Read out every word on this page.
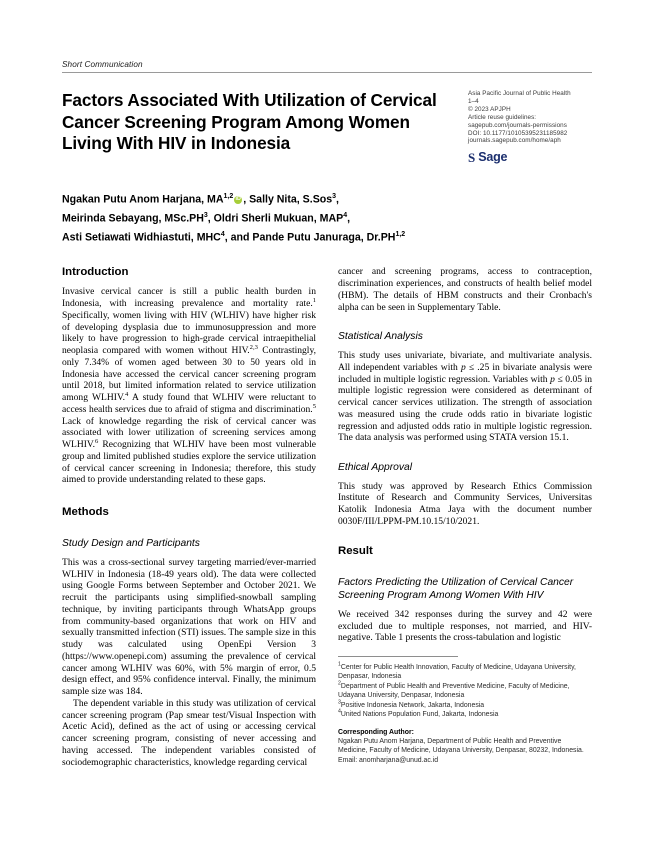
Short Communication
Factors Associated With Utilization of Cervical Cancer Screening Program Among Women Living With HIV in Indonesia
Asia Pacific Journal of Public Health
1–4
© 2023 APJPH
Article reuse guidelines:
sagepub.com/journals-permissions
DOI: 10.1177/10105395231185982
journals.sagepub.com/home/aph
S Sage
Ngakan Putu Anom Harjana, MA$^{1,2}$ iD , Sally Nita, S.Sos$^3$,
Meirinda Sebayang, $MSc.PH^3$, Oldri Sherli Mukuan, MAP$^4$,
Asti Setiawati Widhiastuti, MHC$^4$, and Pande Putu Januraga, Dr.PH$^{1,2}$
Introduction

Invasive cervical cancer is still a public health burden in Indonesia, with increasing prevalence and mortality rate.$^1$ Specifically, women living with HIV (WLHIV) have higher risk of developing dysplasia due to immunosuppression and more likely to have progression to high-grade cervical intraepithelial neoplasia compared with women without HIV.$^{2,3}$ Contrastingly, only 7.34% of women aged between 30 to 50 years old in Indonesia have accessed the cervical cancer screening program until 2018, but limited information related to service utilization among WLHIV.$^4$ A study found that WLHIV were reluctant to access health services due to afraid of stigma and discrimination.$^5$ Lack of knowledge regarding the risk of cervical cancer was associated with lower utilization of screening services among WLHIV.$^6$ Recognizing that WLHIV have been most vulnerable group and limited published studies explore the service utilization of cervical cancer screening in Indonesia; therefore, this study aimed to provide understanding related to these gaps.

Methods
Study Design and Participants

This was a cross-sectional survey targeting married/ever-married WLHIV in Indonesia (18-49 years old). The data were collected using Google Forms between September and October 2021. We recruit the participants using simplified-snowball sampling technique, by inviting participants through WhatsApp groups from community-based organizations that work on HIV and sexually transmitted infection (STI) issues. The sample size in this study was calculated using OpenEpi Version 3 (https://www.openepi.com) assuming the prevalence of cervical cancer among WLHIV was 60%, with 5% margin of error, 0.5 design effect, and 95% confidence interval. Finally, the minimum sample size was 184.

The dependent variable in this study was utilization of cervical cancer screening program (Pap smear test/Visual Inspection with Acetic Acid), defined as the act of using or accessing cervical cancer screening program, consisting of never accessing and having accessed. The independent variables consisted of sociodemographic characteristics, knowledge regarding cervical

cancer and screening programs, access to contraception, discrimination experiences, and constructs of health belief model (HBM). The details of HBM constructs and their Cronbach's alpha can be seen in Supplementary Table.

Statistical Analysis

This study uses univariate, bivariate, and multivariate analysis. All independent variables with p ≤ .25 in bivariate analysis were included in multiple logistic regression. Variables with p ≤ 0.05 in multiple logistic regression were considered as determinant of cervical cancer services utilization. The strength of association was measured using the crude odds ratio in bivariate logistic regression and adjusted odds ratio in multiple logistic regression. The data analysis was performed using STATA version 15.1.

Ethical Approval

This study was approved by Research Ethics Commission Institute of Research and Community Services, Universitas Katolik Indonesia Atma Jaya with the document number 0030F/III/LPPM-PM.10.15/10/2021.

Result
Factors Predicting the Utilization of Cervical Cancer Screening Program Among Women With HIV

We received 342 responses during the survey and 42 were excluded due to multiple responses, not married, and HIV-negative. Table 1 presents the cross-tabulation and logistic

$^1$Center for Public Health Innovation, Faculty of Medicine, Udayana University, Denpasar, Indonesia

$^2$Department of Public Health and Preventive Medicine, Faculty of Medicine, Udayana University, Denpasar, Indonesia

$^3$Positive Indonesia Network, Jakarta, Indonesia

$^4$United Nations Population Fund, Jakarta, Indonesia

Corresponding Author:

Ngakan Putu Anom Harjana, Department of Public Health and Preventive Medicine, Faculty of Medicine, Udayana University, Denpasar, 80232, Indonesia.

Email: anomharjana@unud.ac.id
